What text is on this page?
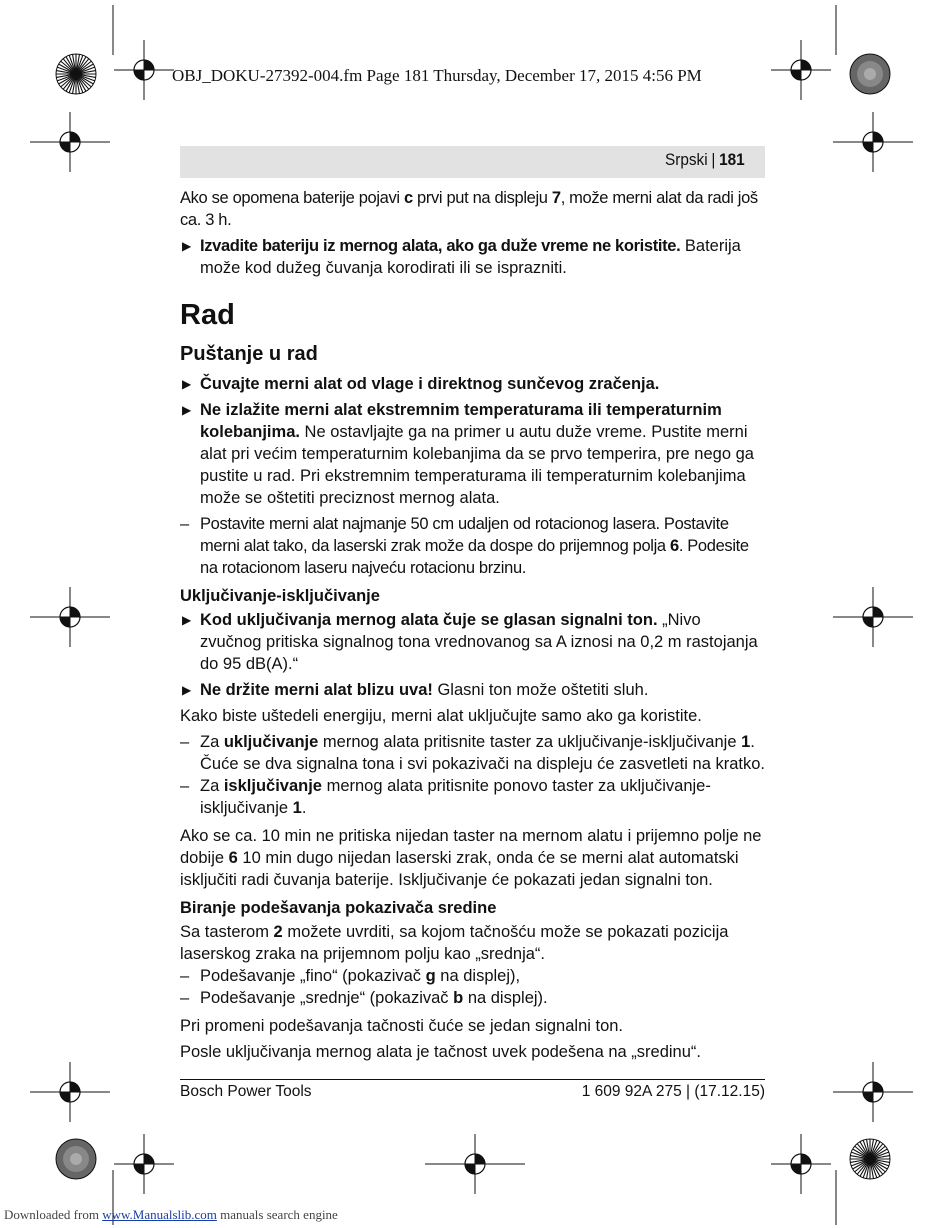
OBJ_DOKU-27392-004.fm Page 181 Thursday, December 17, 2015 4:56 PM
Srpski | 181

Ako se opomena baterije pojavi c prvi put na displeju 7, može merni alat da radi još ca. 3 h.

▶ Izvadite bateriju iz mernog alata, ako ga duže vreme ne koristite. Baterija može kod dužeg čuvanja korodirati ili se isprazniti.
Rad
Puštanje u rad
▶ Čuvajte merni alat od vlage i direktnog sunčevog zračenja.
▶ Ne izlažite merni alat ekstremnim temperaturama ili temperaturnim kolebanjima. Ne ostavljajte ga na primer u autu duže vreme. Pustite merni alat pri većim temperaturnim kolebanjima da se prvo temperira, pre nego ga pustite u rad. Pri ekstremnim temperaturama ili temperaturnim kolebanjima može se oštetiti preciznost mernog alata.
– Postavite merni alat najmanje 50 cm udaljen od rotacionog lasera. Postavite merni alat tako, da laserski zrak može da dospe do prijemnog polja 6. Podesite na rotacionom laseru najveću rotacionu brzinu.
Uključivanje-isključivanje
▶ Kod uključivanja mernog alata čuje se glasan signalni ton. „Nivo zvučnog pritiska signalnog tona vrednovanog sa A iznosi na 0,2 m rastojanja do 95 dB(A).“
▶ Ne držite merni alat blizu uva! Glasni ton može oštetiti sluh.

Kako biste uštedeli energiju, merni alat uključujte samo ako ga koristite.

– Za uključivanje mernog alata pritisnite taster za uključivanje-isključivanje 1. Čuće se dva signalna tona i svi pokazivači na displeju će zasvetleti na kratko.
– Za isključivanje mernog alata pritisnite ponovo taster za uključivanje-isključivanje 1.

Ako se ca. 10 min ne pritiska nijedan taster na mernom alatu i prijemno polje ne dobije 6 10 min dugo nijedan laserski zrak, onda će se merni alat automatski isključiti radi čuvanja baterije. Isključivanje će pokazati jedan signalni ton.

Biranje podešavanja pokazivača sredine

Sa tasterom 2 možete uvrditi, sa kojom tačnošću može se pokazati pozicija laserskog zraka na prijemnom polju kao „srednja“.

– Podešavanje „fino“ (pokazivač g na displej),
– Podešavanje „srednje“ (pokazivač b na displej).

Pri promeni podešavanja tačnosti čuće se jedan signalni ton.

Posle uključivanja mernog alata je tačnost uvek podešena na „sredinu“.

Bosch Power Tools	1 609 92A 275 | (17.12.15)
Downloaded from www.Manualslib.com manuals search engine
